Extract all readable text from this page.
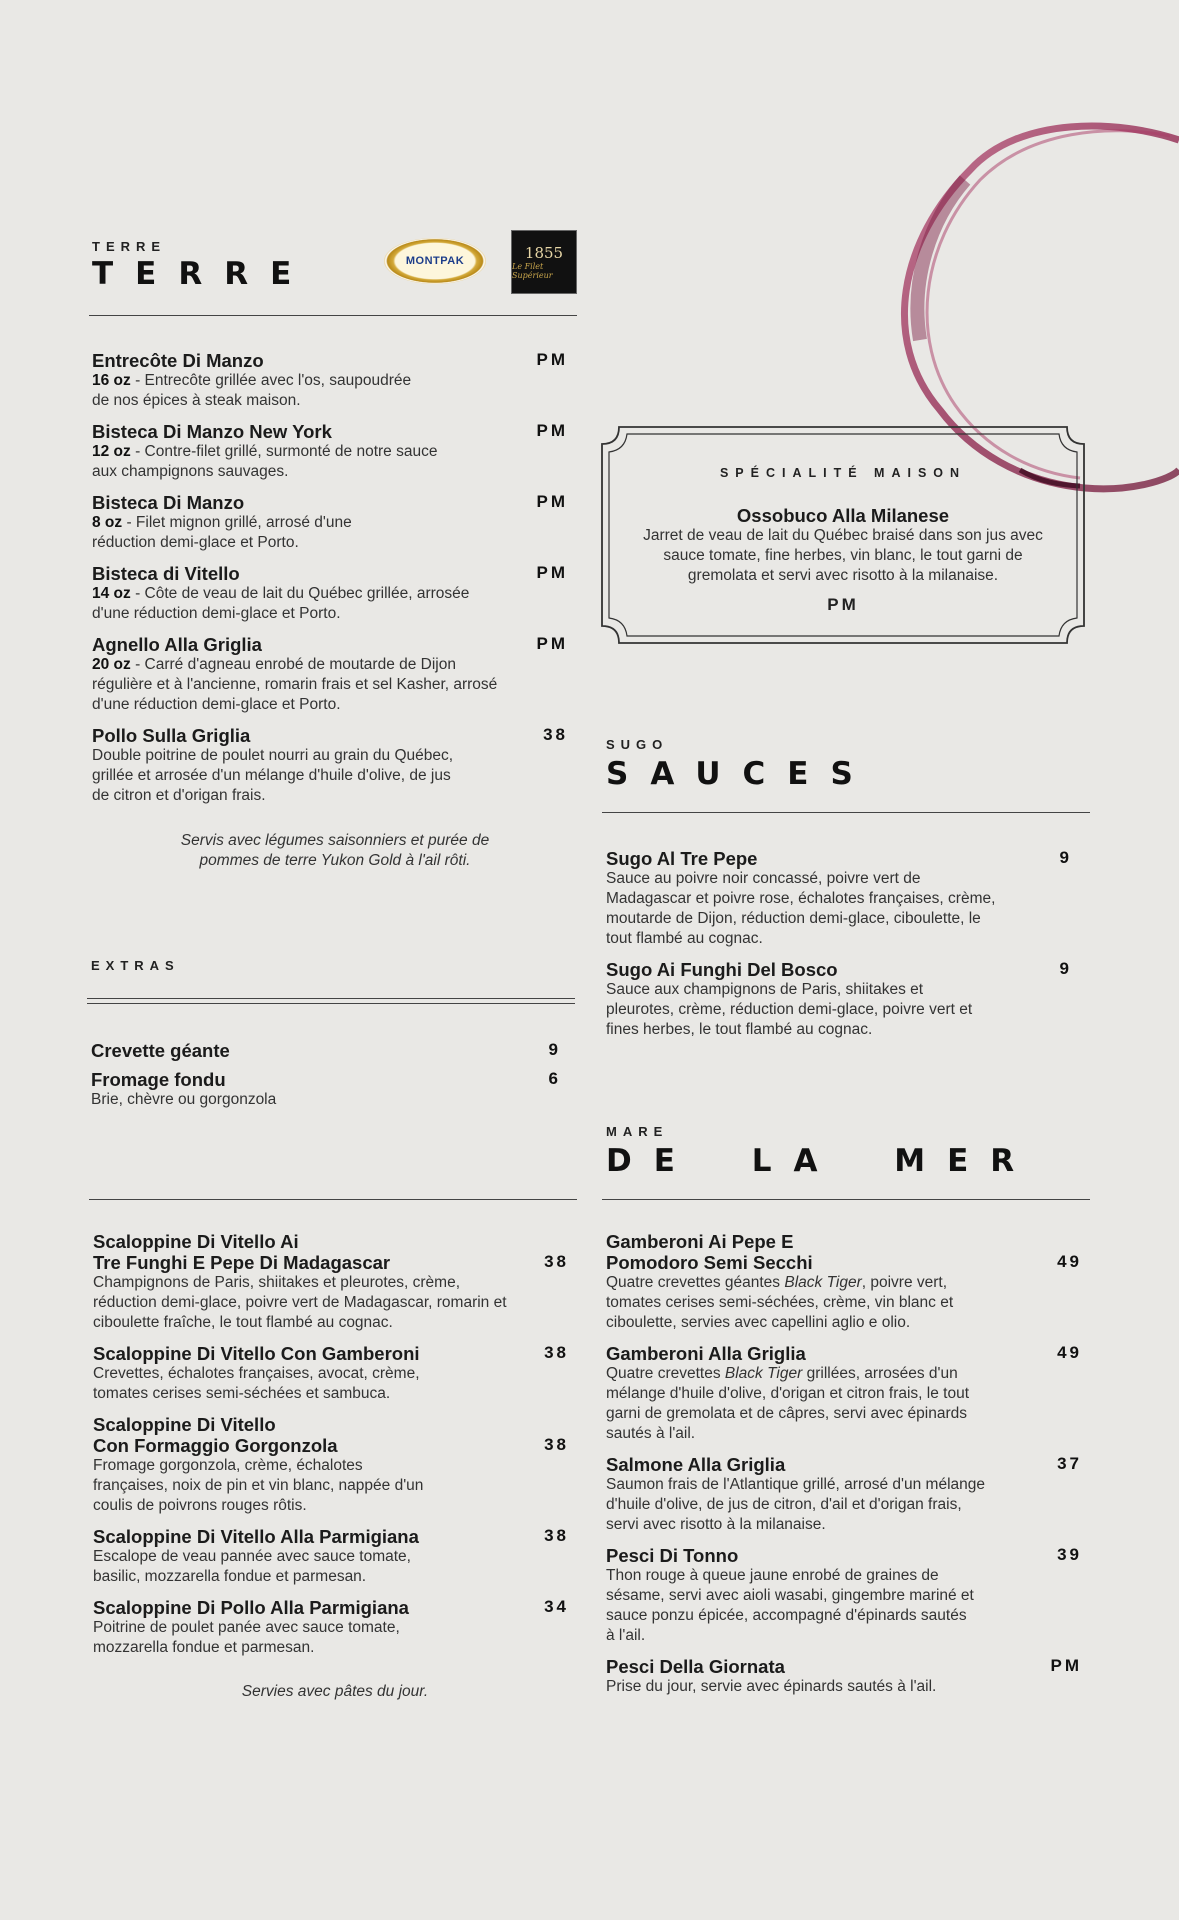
TERRE
TERRE	MONTPAK	1855
Le Filet Supérieur
PM
Entrecôte Di Manzo
16 oz - Entrecôte grillée avec l'os, saupoudrée de nos épices à steak maison.
PM
Bisteca Di Manzo New York
12 oz - Contre-filet grillé, surmonté de notre sauce aux champignons sauvages.
PM
Bisteca Di Manzo
8 oz - Filet mignon grillé, arrosé d'une réduction demi-glace et Porto.
PM
Bisteca di Vitello
14 oz - Côte de veau de lait du Québec grillée, arrosée d'une réduction demi-glace et Porto.
PM
Agnello Alla Griglia
20 oz - Carré d'agneau enrobé de moutarde de Dijon régulière et à l'ancienne, romarin frais et sel Kasher, arrosé d'une réduction demi-glace et Porto.
38
Pollo Sulla Griglia
Double poitrine de poulet nourri au grain du Québec, grillée et arrosée d'un mélange d'huile d'olive, de jus de citron et d'origan frais.
Servis avec légumes saisonniers et purée de pommes de terre Yukon Gold à l'ail rôti.
EXTRAS
9
Crevette géante
6
Fromage fondu
Brie, chèvre ou gorgonzola
38
Scaloppine Di Vitello Ai
Tre Funghi E Pepe Di Madagascar
Champignons de Paris, shiitakes et pleurotes, crème, réduction demi-glace, poivre vert de Madagascar, romarin et ciboulette fraîche, le tout flambé au cognac.
38
Scaloppine Di Vitello Con Gamberoni
Crevettes, échalotes françaises, avocat, crème, tomates cerises semi-séchées et sambuca.
38
Scaloppine Di Vitello
Con Formaggio Gorgonzola
Fromage gorgonzola, crème, échalotes françaises, noix de pin et vin blanc, nappée d'un coulis de poivrons rouges rôtis.
38
Scaloppine Di Vitello Alla Parmigiana
Escalope de veau pannée avec sauce tomate, basilic, mozzarella fondue et parmesan.
34
Scaloppine Di Pollo Alla Parmigiana
Poitrine de poulet panée avec sauce tomate, mozzarella fondue et parmesan.
Servies avec pâtes du jour.
SPÉCIALITÉ MAISON
Ossobuco Alla Milanese
Jarret de veau de lait du Québec braisé dans son jus avec sauce tomate, fine herbes, vin blanc, le tout garni de gremolata et servi avec risotto à la milanaise.
PM
SUGO
SAUCES
9
Sugo Al Tre Pepe
Sauce au poivre noir concassé, poivre vert de Madagascar et poivre rose, échalotes françaises, crème, moutarde de Dijon, réduction demi-glace, ciboulette, le tout flambé au cognac.
9
Sugo Ai Funghi Del Bosco
Sauce aux champignons de Paris, shiitakes et pleurotes, crème, réduction demi-glace, poivre vert et fines herbes, le tout flambé au cognac.
MARE
DE LA MER
49
Gamberoni Ai Pepe E
Pomodoro Semi Secchi
Quatre crevettes géantes Black Tiger, poivre vert, tomates cerises semi-séchées, crème, vin blanc et ciboulette, servies avec capellini aglio e olio.
49
Gamberoni Alla Griglia
Quatre crevettes Black Tiger grillées, arrosées d'un mélange d'huile d'olive, d'origan et citron frais, le tout garni de gremolata et de câpres, servi avec épinards sautés à l'ail.
37
Salmone Alla Griglia
Saumon frais de l'Atlantique grillé, arrosé d'un mélange d'huile d'olive, de jus de citron, d'ail et d'origan frais, servi avec risotto à la milanaise.
39
Pesci Di Tonno
Thon rouge à queue jaune enrobé de graines de sésame, servi avec aioli wasabi, gingembre mariné et sauce ponzu épicée, accompagné d'épinards sautés à l'ail.
PM
Pesci Della Giornata
Prise du jour, servie avec épinards sautés à l'ail.
